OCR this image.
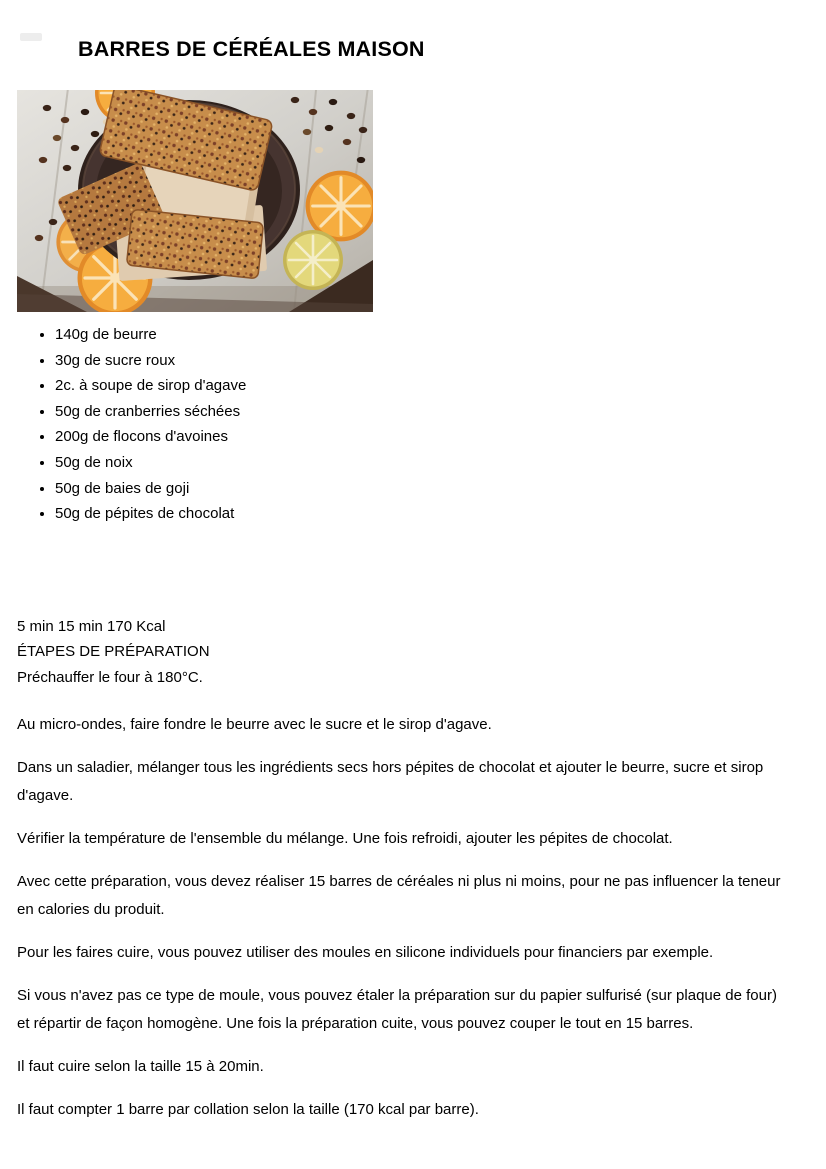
BARRES DE CÉRÉALES MAISON
• 140g de beurre
• 30g de sucre roux
• 2c. à soupe de sirop d'agave
• 50g de cranberries séchées
• 200g de flocons d'avoines
• 50g de noix
• 50g de baies de goji
• 50g de pépites de chocolat
5 min 15 min 170 Kcal
ÉTAPES DE PRÉPARATION
Préchauffer le four à 180°C.

Au micro-ondes, faire fondre le beurre avec le sucre et le sirop d'agave.

Dans un saladier, mélanger tous les ingrédients secs hors pépites de chocolat et ajouter le beurre, sucre et sirop d'agave.

Vérifier la température de l'ensemble du mélange. Une fois refroidi, ajouter les pépites de chocolat.

Avec cette préparation, vous devez réaliser 15 barres de céréales ni plus ni moins, pour ne pas influencer la teneur en calories du produit.

Pour les faires cuire, vous pouvez utiliser des moules en silicone individuels pour financiers par exemple.

Si vous n'avez pas ce type de moule, vous pouvez étaler la préparation sur du papier sulfurisé (sur plaque de four) et répartir de façon homogène. Une fois la préparation cuite, vous pouvez couper le tout en 15 barres.

Il faut cuire selon la taille 15 à 20min.

Il faut compter 1 barre par collation selon la taille (170 kcal par barre).
